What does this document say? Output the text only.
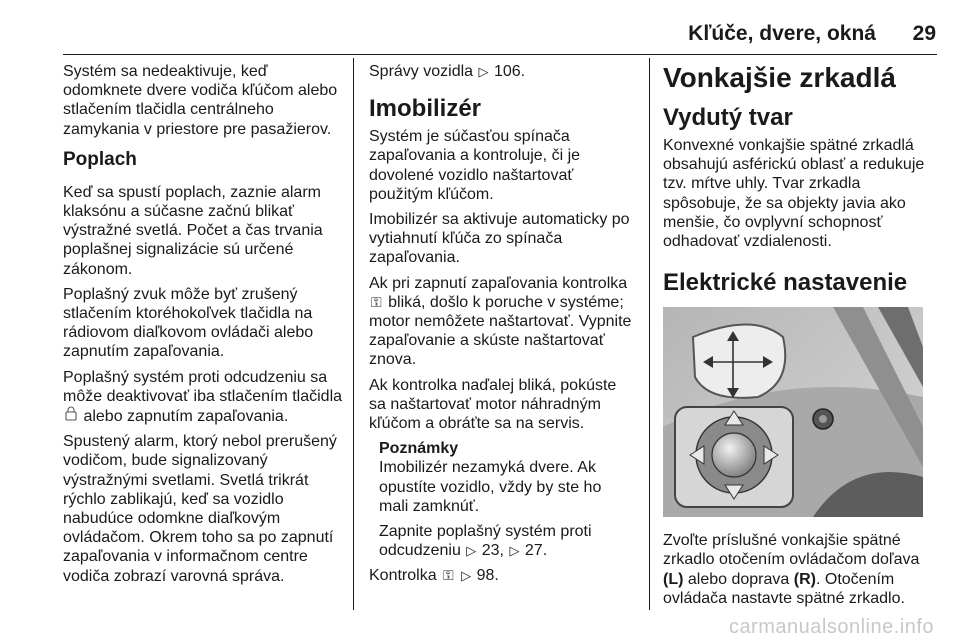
Kľúče, dvere, okná	29

Systém sa nedeaktivuje, keď odomknete dvere vodiča kľúčom alebo stlačením tlačidla centrálneho zamykania v priestore pre pasažierov.

Poplach

Keď sa spustí poplach, zaznie alarm klaksónu a súčasne začnú blikať výstražné svetlá. Počet a čas trvania poplašnej signalizácie sú určené zákonom.

Poplašný zvuk môže byť zrušený stlačením ktoréhokoľvek tlačidla na rádiovom diaľkovom ovládači alebo zapnutím zapaľovania.

Poplašný systém proti odcudzeniu sa môže deaktivovať iba stlačením tlačidla  alebo zapnutím zapaľovania.

Spustený alarm, ktorý nebol prerušený vodičom, bude signalizovaný výstražnými svetlami. Svetlá trikrát rýchlo zablikajú, keď sa vozidlo nabudúce odomkne diaľkovým ovládačom. Okrem toho sa po zapnutí zapaľovania v informačnom centre vodiča zobrazí varovná správa.

Správy vozidla ▷ 106.

Imobilizér

Systém je súčasťou spínača zapaľovania a kontroluje, či je dovolené vozidlo naštartovať použitým kľúčom.

Imobilizér sa aktivuje automaticky po vytiahnutí kľúča zo spínača zapaľovania.

Ak pri zapnutí zapaľovania kontrolka ⚿ bliká, došlo k poruche v systéme; motor nemôžete naštartovať. Vypnite zapaľovanie a skúste naštartovať znova.

Ak kontrolka naďalej bliká, pokúste sa naštartovať motor náhradným kľúčom a obráťte sa na servis.

Poznámky

Imobilizér nezamyká dvere. Ak opustíte vozidlo, vždy by ste ho mali zamknúť.

Zapnite poplašný systém proti odcudzeniu ▷ 23, ▷ 27.

Kontrolka ⚿ ▷ 98.

Vonkajšie zrkadlá
Vydutý tvar

Konvexné vonkajšie spätné zrkadlá obsahujú asférickú oblasť a redukuje tzv. mŕtve uhly. Tvar zrkadla spôsobuje, že sa objekty javia ako menšie, čo ovplyvní schopnosť odhadovať vzdialenosti.

Elektrické nastavenie

Zvoľte príslušné vonkajšie spätné zrkadlo otočením ovládačom doľava (L) alebo doprava (R). Otočením ovládača nastavte spätné zrkadlo.

carmanualsonline.info
